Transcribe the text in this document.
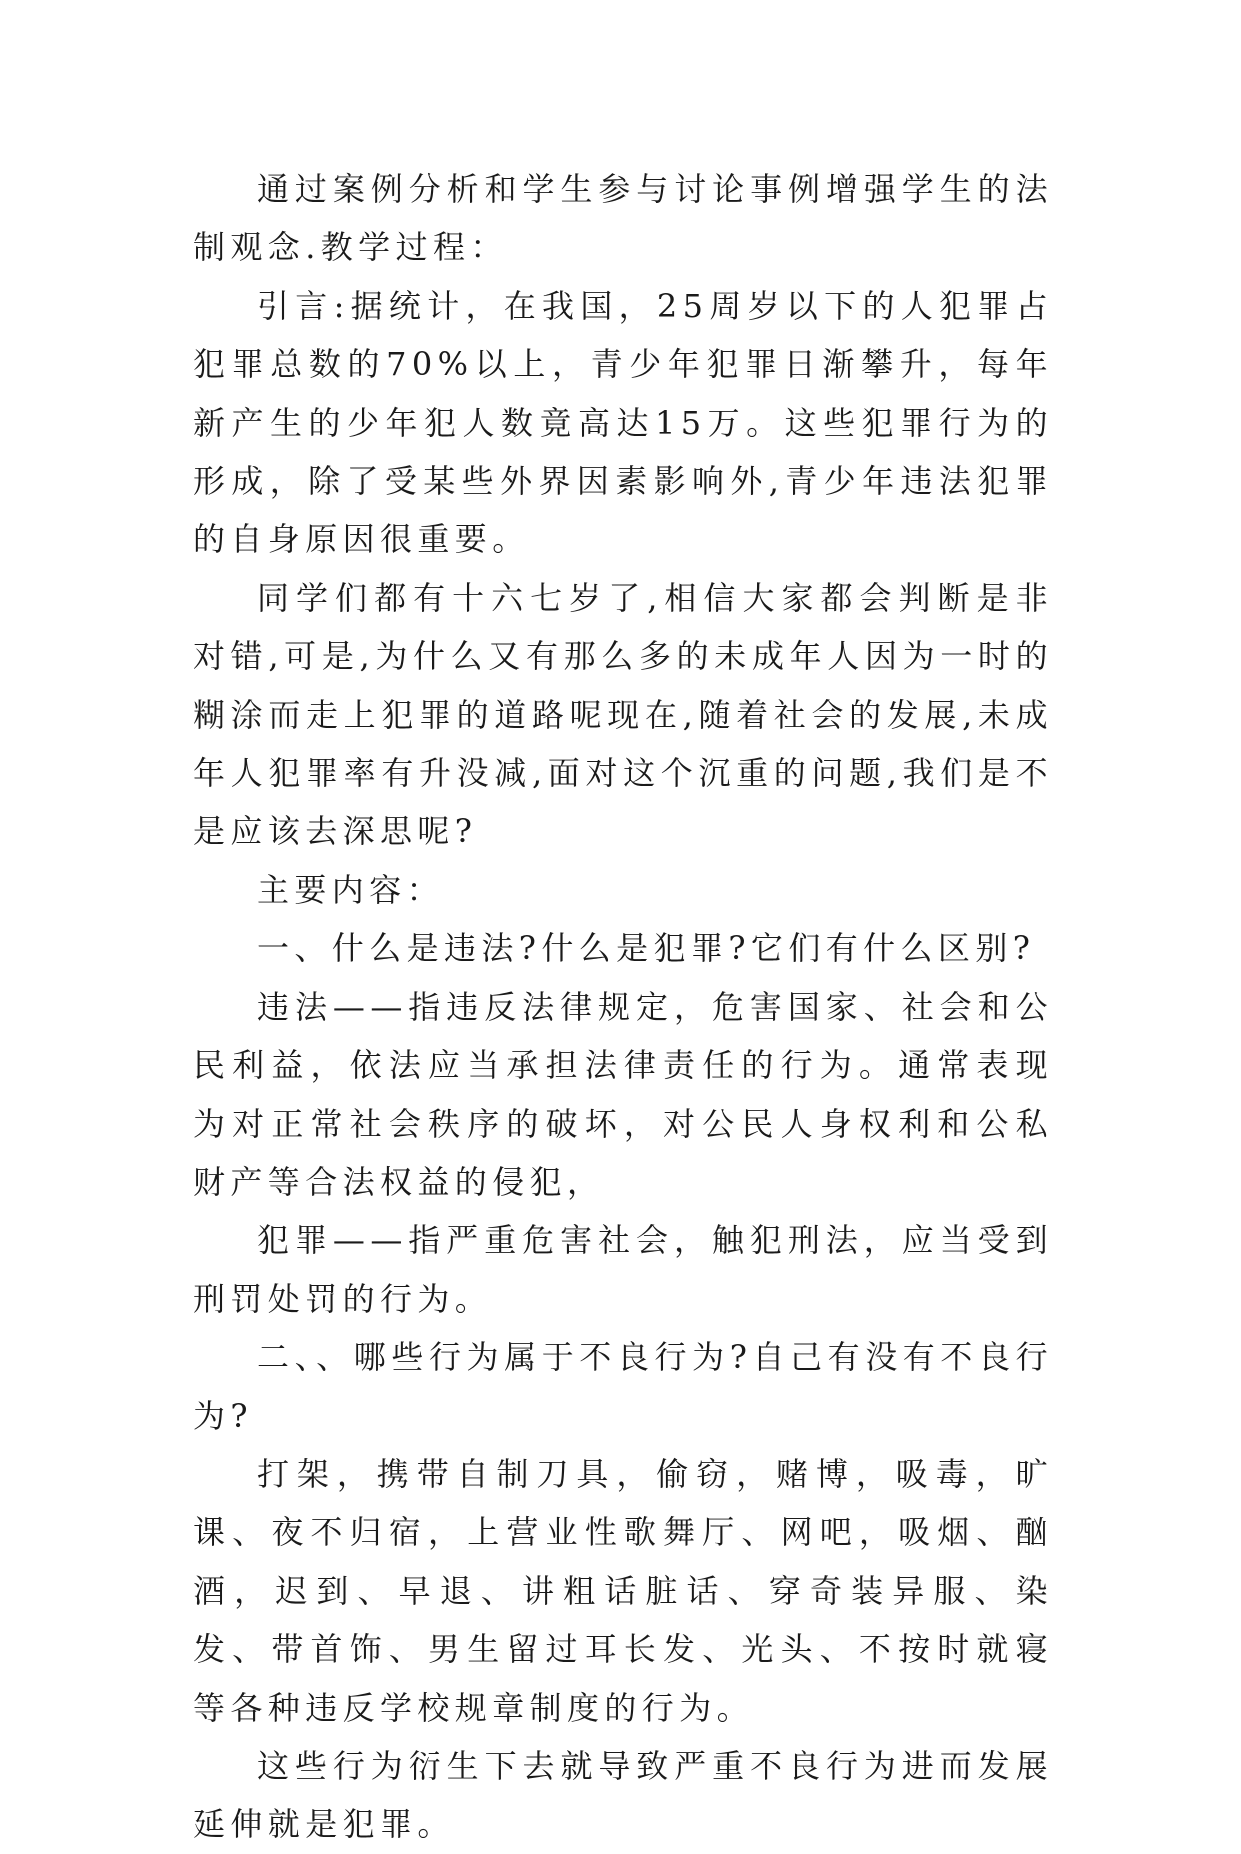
通过案例分析和学生参与讨论事例增强学生的法制观念.教学过程：

引言:据统计，在我国，25周岁以下的人犯罪占犯罪总数的70%以上，青少年犯罪日渐攀升，每年新产生的少年犯人数竟高达15万。这些犯罪行为的形成，除了受某些外界因素影响外,青少年违法犯罪的自身原因很重要。

同学们都有十六七岁了,相信大家都会判断是非对错,可是,为什么又有那么多的未成年人因为一时的糊涂而走上犯罪的道路呢现在,随着社会的发展,未成年人犯罪率有升没减,面对这个沉重的问题,我们是不是应该去深思呢?

主要内容：

一、什么是违法?什么是犯罪?它们有什么区别?

违法——指违反法律规定，危害国家、社会和公民利益，依法应当承担法律责任的行为。通常表现为对正常社会秩序的破坏，对公民人身权利和公私财产等合法权益的侵犯，

犯罪——指严重危害社会，触犯刑法，应当受到刑罚处罚的行为。

二、、哪些行为属于不良行为?自己有没有不良行为?

打架，携带自制刀具，偷窃，赌博，吸毒，旷课、夜不归宿，上营业性歌舞厅、网吧，吸烟、酗酒，迟到、早退、讲粗话脏话、穿奇装异服、染发、带首饰、男生留过耳长发、光头、不按时就寝等各种违反学校规章制度的行为。

这些行为衍生下去就导致严重不良行为进而发展延伸就是犯罪。
